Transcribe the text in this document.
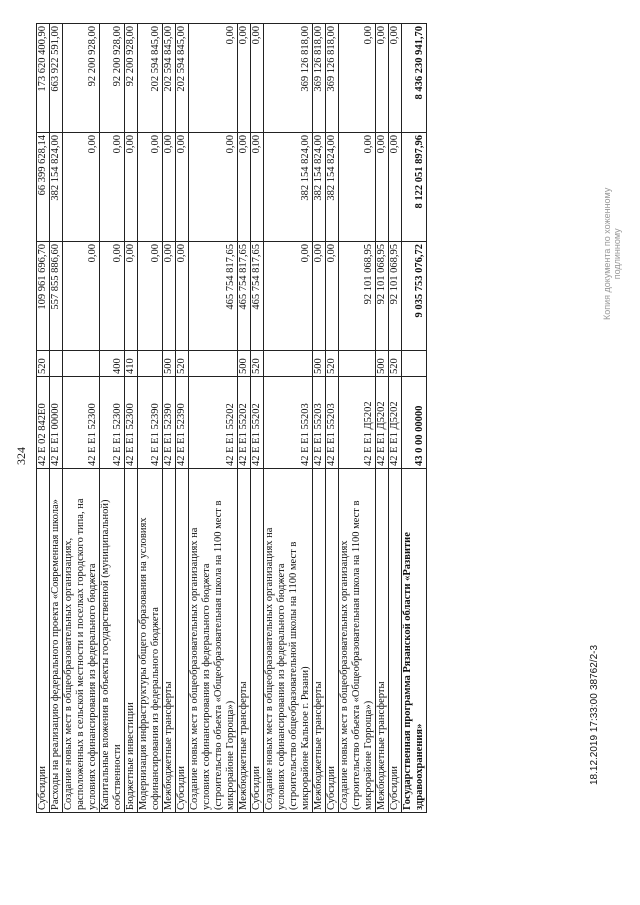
324
Субсидии
42 Е 02 842Е0
520
109 961 696,70
66 399 628,14
173 620 400,90
Расходы на реализацию федерального проекта «Современная школа»
42 Е Е1 00000
557 855 886,60
382 154 824,00
663 922 591,00
Создание новых мест в общеобразовательных организациях,
расположенных в сельской местности и поселках городского типа, на
условиях софинансирования из федерального бюджета
42 Е Е1 52300
0,00
0,00
92 200 928,00
Капитальные вложения в объекты государственной (муниципальной)
собственности
42 Е Е1 52300
400
0,00
0,00
92 200 928,00
Бюджетные инвестиции
42 Е Е1 52300
410
0,00
0,00
92 200 928,00
Модернизация инфраструктуры общего образования на условиях
софинансирования из федерального бюджета
42 Е Е1 52390
0,00
0,00
202 594 845,00
Межбюджетные трансферты
42 Е Е1 52390
500
0,00
0,00
202 594 845,00
Субсидии
42 Е Е1 52390
520
0,00
0,00
202 594 845,00
Создание новых мест в общеобразовательных организациях на
условиях софинансирования из федерального бюджета
(строительство объекта «Общеобразовательная школа на 1100 мест в
микрорайоне Горроща»)
42 Е Е1 55202
465 754 817,65
0,00
0,00
Межбюджетные трансферты
42 Е Е1 55202
500
465 754 817,65
0,00
0,00
Субсидии
42 Е Е1 55202
520
465 754 817,65
0,00
0,00
Создание новых мест в общеобразовательных организациях на
условиях софинансирования из федерального бюджета
(строительство общеобразовательной школы на 1100 мест в
микрорайоне Кальное г. Рязани)
42 Е Е1 55203
0,00
382 154 824,00
369 126 818,00
Межбюджетные трансферты
42 Е Е1 55203
500
0,00
382 154 824,00
369 126 818,00
Субсидии
42 Е Е1 55203
520
0,00
382 154 824,00
369 126 818,00
Создание новых мест в общеобразовательных организациях
(строительство объекта «Общеобразовательная школа на 1100 мест в
микрорайоне Горроща»)
42 Е Е1 Д5202
92 101 068,95
0,00
0,00
Межбюджетные трансферты
42 Е Е1 Д5202
500
92 101 068,95
0,00
0,00
Субсидии
42 Е Е1 Д5202
520
92 101 068,95
0,00
0,00
Государственная программа Рязанской области «Развитие
здравоохранения»
43 0 00 00000
9 035 753 076,72
8 122 051 897,96
8 436 230 941,70
18.12.2019 17:33:00
38762/2-3
Копия документа по хоженному подлинному
